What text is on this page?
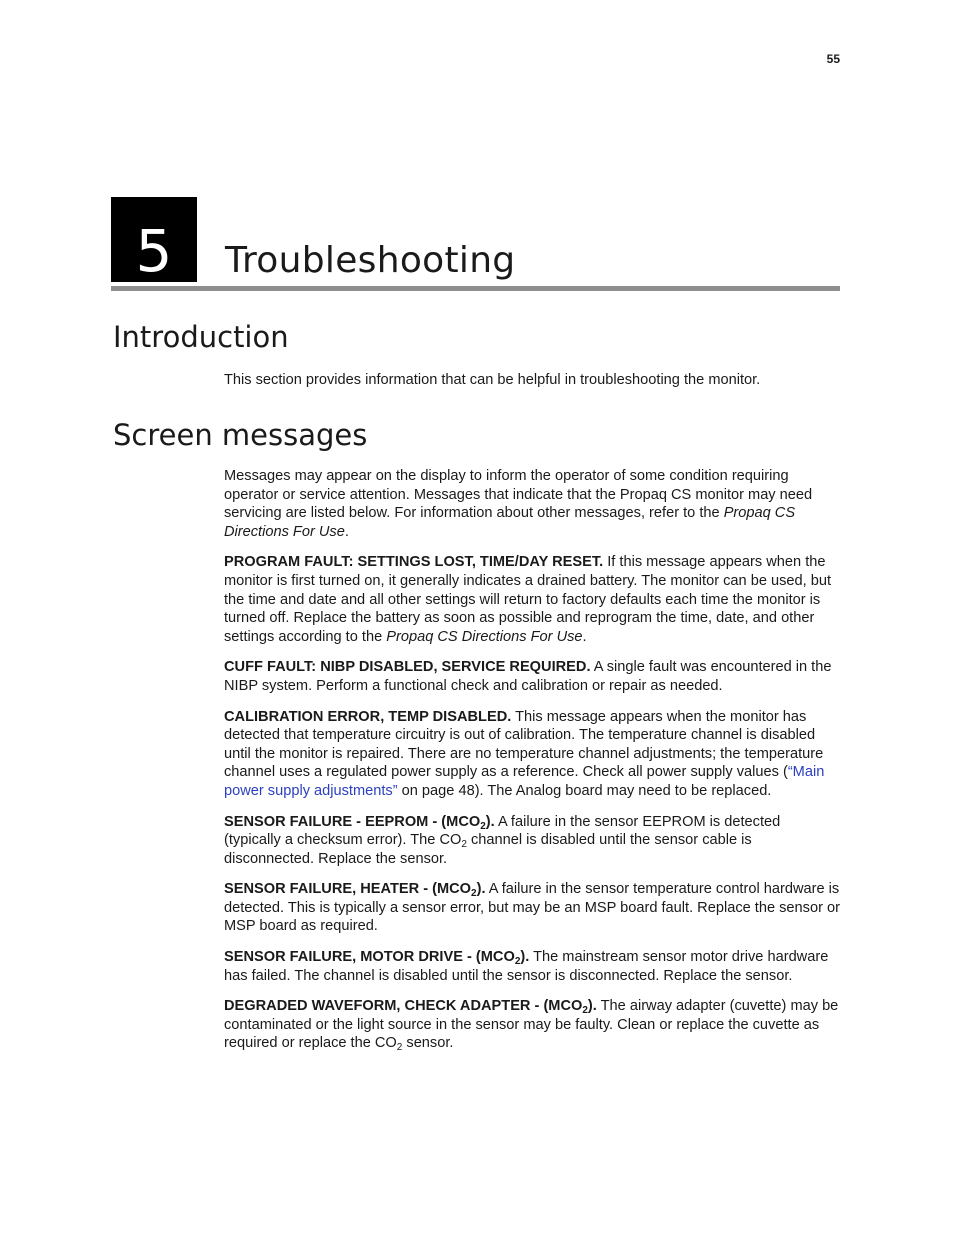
55
5 Troubleshooting
Introduction

This section provides information that can be helpful in troubleshooting the monitor.

Screen messages

Messages may appear on the display to inform the operator of some condition requiring operator or service attention. Messages that indicate that the Propaq CS monitor may need servicing are listed below. For information about other messages, refer to the Propaq CS Directions For Use.

PROGRAM FAULT: SETTINGS LOST, TIME/DAY RESET. If this message appears when the monitor is first turned on, it generally indicates a drained battery. The monitor can be used, but the time and date and all other settings will return to factory defaults each time the monitor is turned off. Replace the battery as soon as possible and reprogram the time, date, and other settings according to the Propaq CS Directions For Use.

CUFF FAULT: NIBP DISABLED, SERVICE REQUIRED. A single fault was encountered in the NIBP system. Perform a functional check and calibration or repair as needed.

CALIBRATION ERROR, TEMP DISABLED. This message appears when the monitor has detected that temperature circuitry is out of calibration. The temperature channel is disabled until the monitor is repaired. There are no temperature channel adjustments; the temperature channel uses a regulated power supply as a reference. Check all power supply values (“Main power supply adjustments” on page 48). The Analog board may need to be replaced.

SENSOR FAILURE - EEPROM - $(MCO_2)$. A failure in the sensor EEPROM is detected (typically a checksum error). The $CO_2$ channel is disabled until the sensor cable is disconnected. Replace the sensor.

SENSOR FAILURE, HEATER - $(MCO_2)$. A failure in the sensor temperature control hardware is detected. This is typically a sensor error, but may be an MSP board fault. Replace the sensor or MSP board as required.

SENSOR FAILURE, MOTOR DRIVE - $(MCO_2)$. The mainstream sensor motor drive hardware has failed. The channel is disabled until the sensor is disconnected. Replace the sensor.

DEGRADED WAVEFORM, CHECK ADAPTER - $(MCO_2)$. The airway adapter (cuvette) may be contaminated or the light source in the sensor may be faulty. Clean or replace the cuvette as required or replace the $CO_2$ sensor.
